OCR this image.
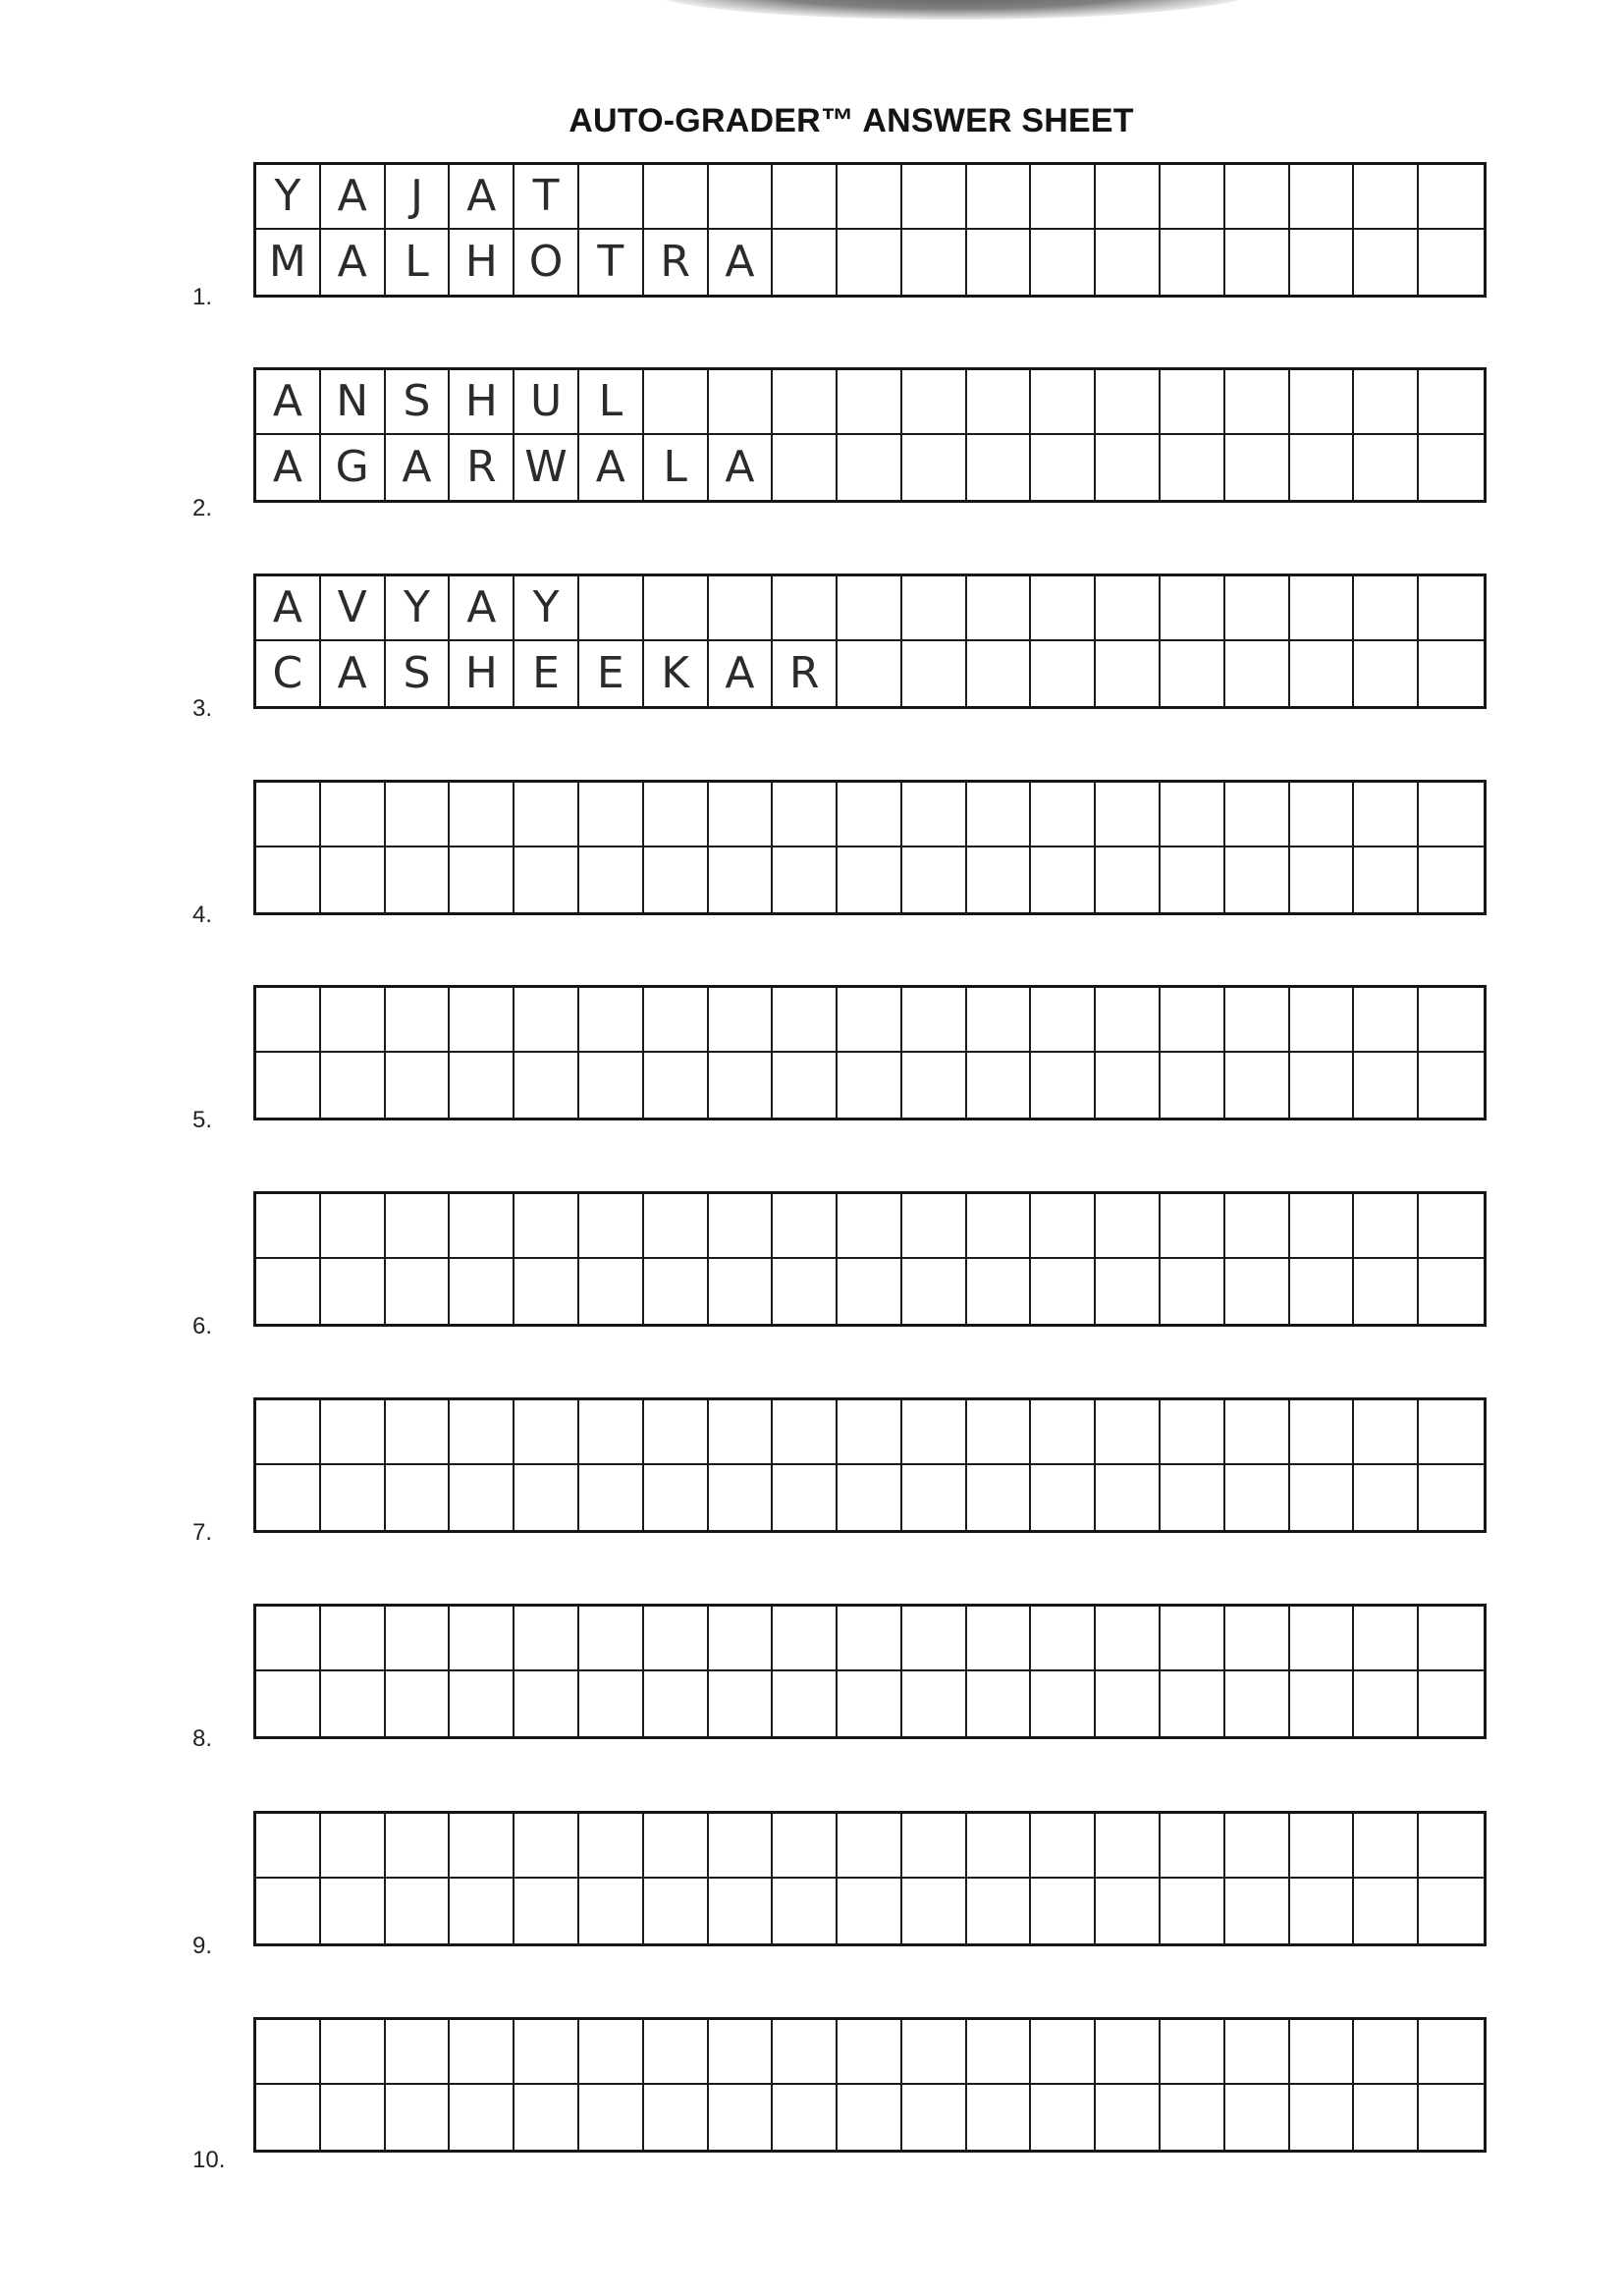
AUTO-GRADER™ ANSWER SHEET
1.
Y A	J	A T
M A L H O T R A
2.
A N S H U L
A G A R W A L A
3.
A V Y A Y
C A S H E E K A R
4.
5.
6.
7.
8.
9.
10.
